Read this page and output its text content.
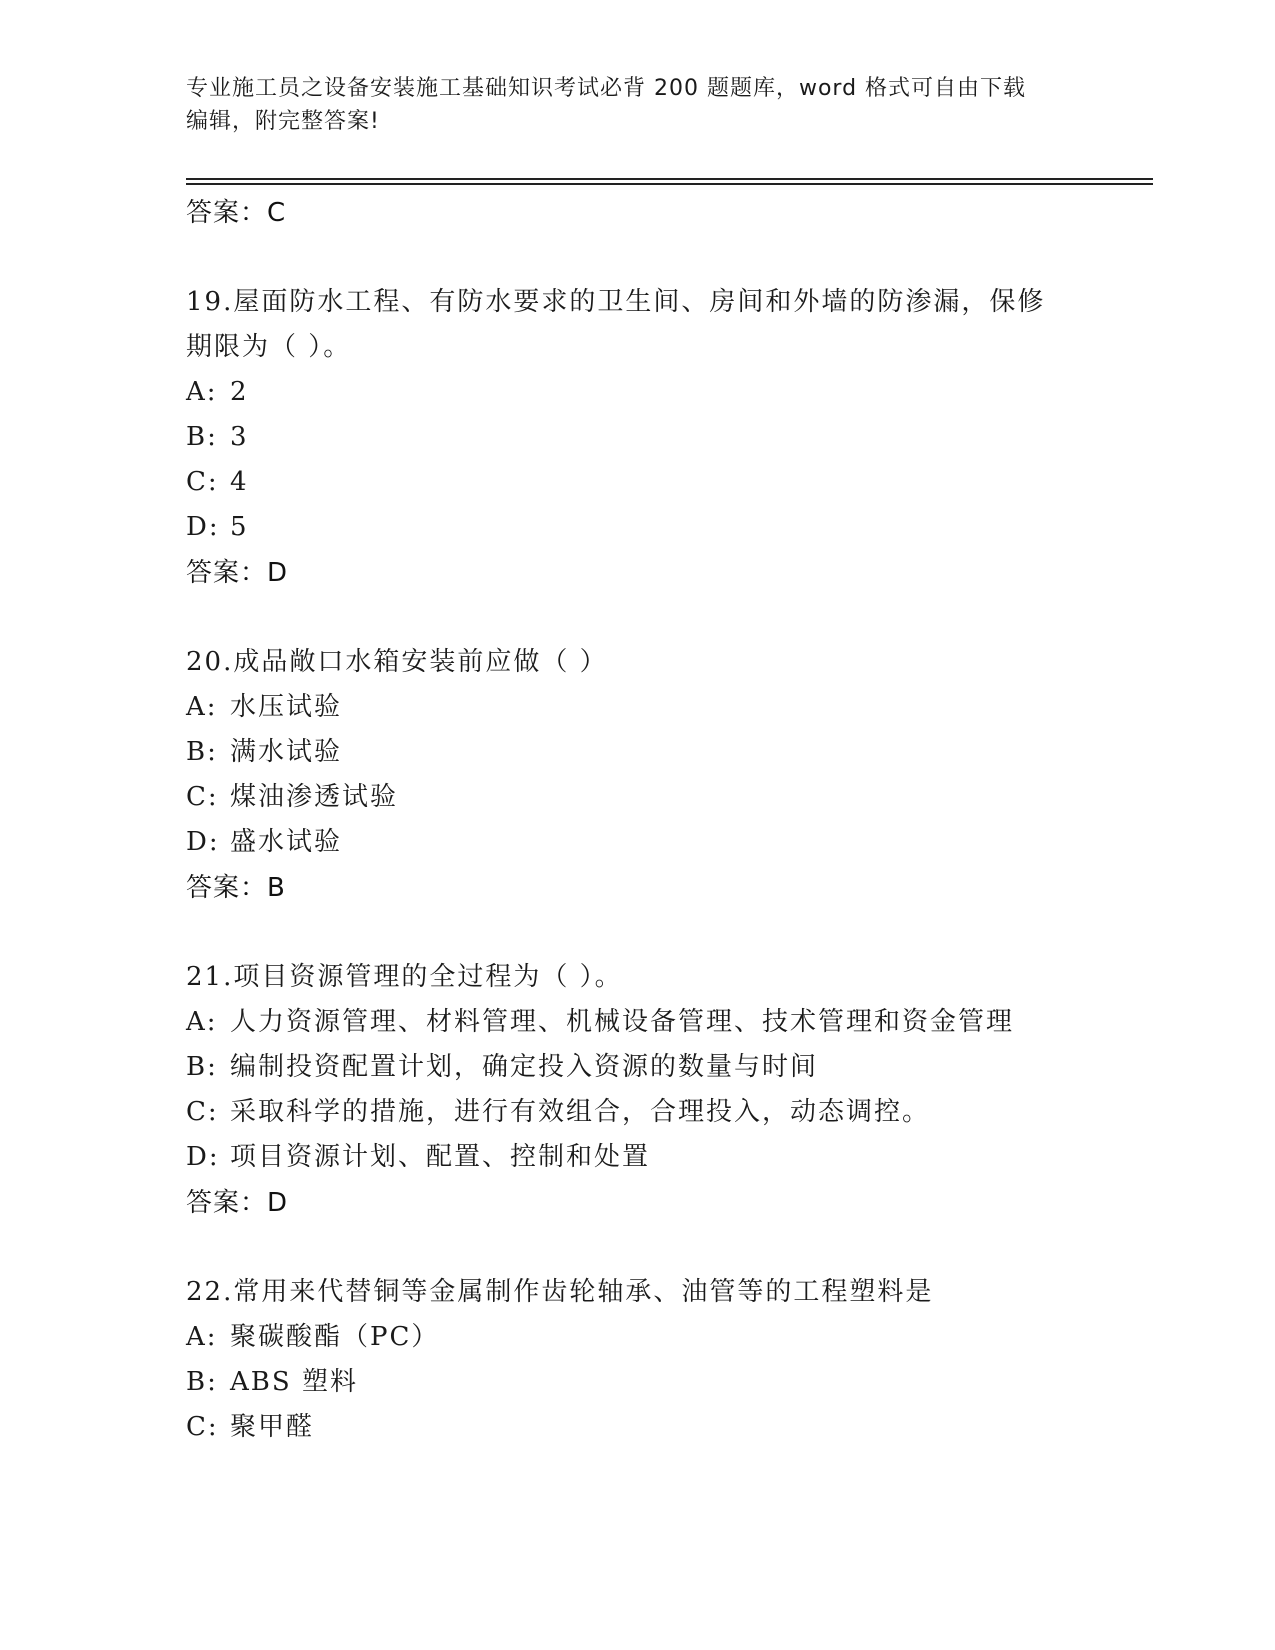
专业施工员之设备安装施工基础知识考试必背 200 题题库，word 格式可自由下载
编辑，附完整答案!
答案：C
19.屋面防水工程、有防水要求的卫生间、房间和外墙的防渗漏，保修
期限为（ ）。
A: 2
B: 3
C: 4
D: 5
答案：D
20.成品敞口水箱安装前应做（ ）
A: 水压试验
B: 满水试验
C: 煤油渗透试验
D: 盛水试验
答案：B
21.项目资源管理的全过程为（ ）。
A: 人力资源管理、材料管理、机械设备管理、技术管理和资金管理
B: 编制投资配置计划，确定投入资源的数量与时间
C: 采取科学的措施，进行有效组合，合理投入，动态调控。
D: 项目资源计划、配置、控制和处置
答案：D
22.常用来代替铜等金属制作齿轮轴承、油管等的工程塑料是
A: 聚碳酸酯（PC）
B: ABS 塑料
C: 聚甲醛
